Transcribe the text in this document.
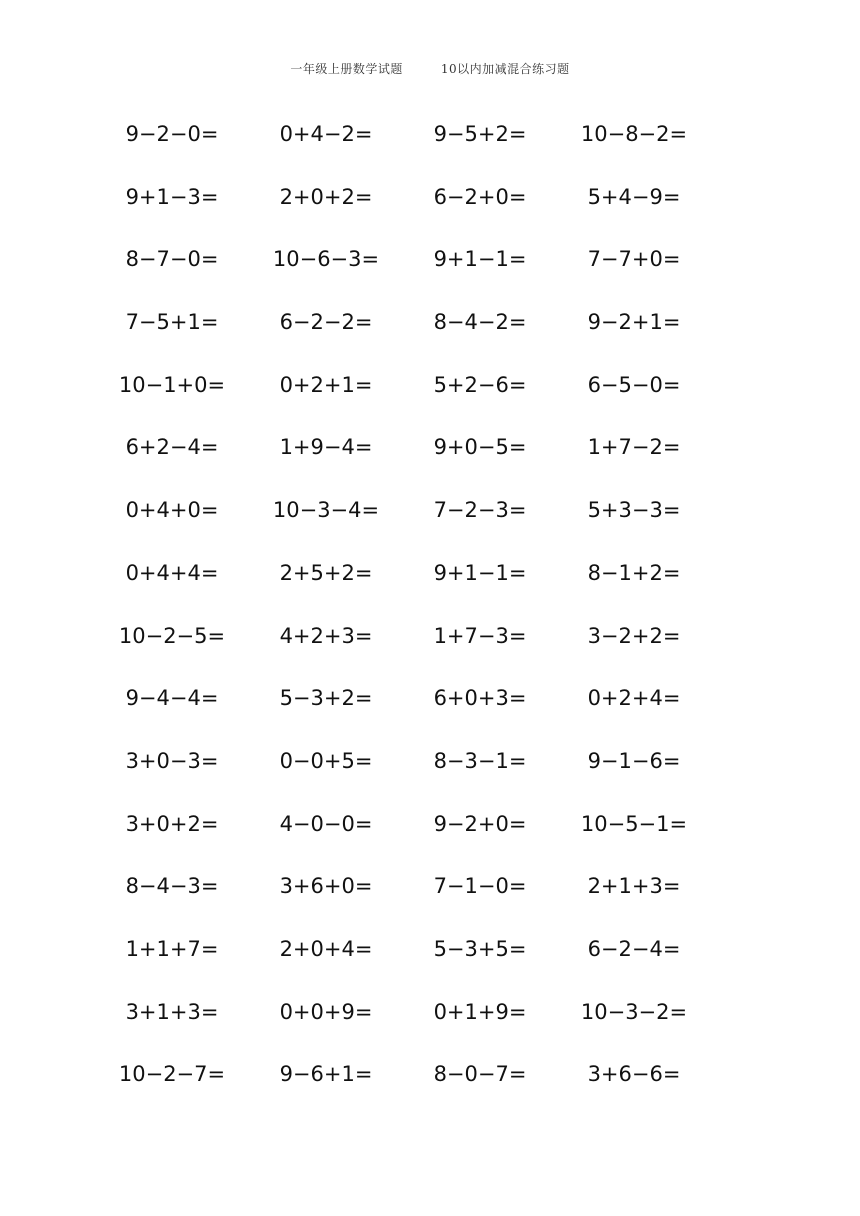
一年级上册数学试题	10以内加减混合练习题
9−2−0=	0+4−2=	9−5+2=	10−8−2=
9+1−3=	2+0+2=	6−2+0=	5+4−9=
8−7−0=	10−6−3=	9+1−1=	7−7+0=
7−5+1=	6−2−2=	8−4−2=	9−2+1=
10−1+0=	0+2+1=	5+2−6=	6−5−0=
6+2−4=	1+9−4=	9+0−5=	1+7−2=
0+4+0=	10−3−4=	7−2−3=	5+3−3=
0+4+4=	2+5+2=	9+1−1=	8−1+2=
10−2−5=	4+2+3=	1+7−3=	3−2+2=
9−4−4=	5−3+2=	6+0+3=	0+2+4=
3+0−3=	0−0+5=	8−3−1=	9−1−6=
3+0+2=	4−0−0=	9−2+0=	10−5−1=
8−4−3=	3+6+0=	7−1−0=	2+1+3=
1+1+7=	2+0+4=	5−3+5=	6−2−4=
3+1+3=	0+0+9=	0+1+9=	10−3−2=
10−2−7=	9−6+1=	8−0−7=	3+6−6=
